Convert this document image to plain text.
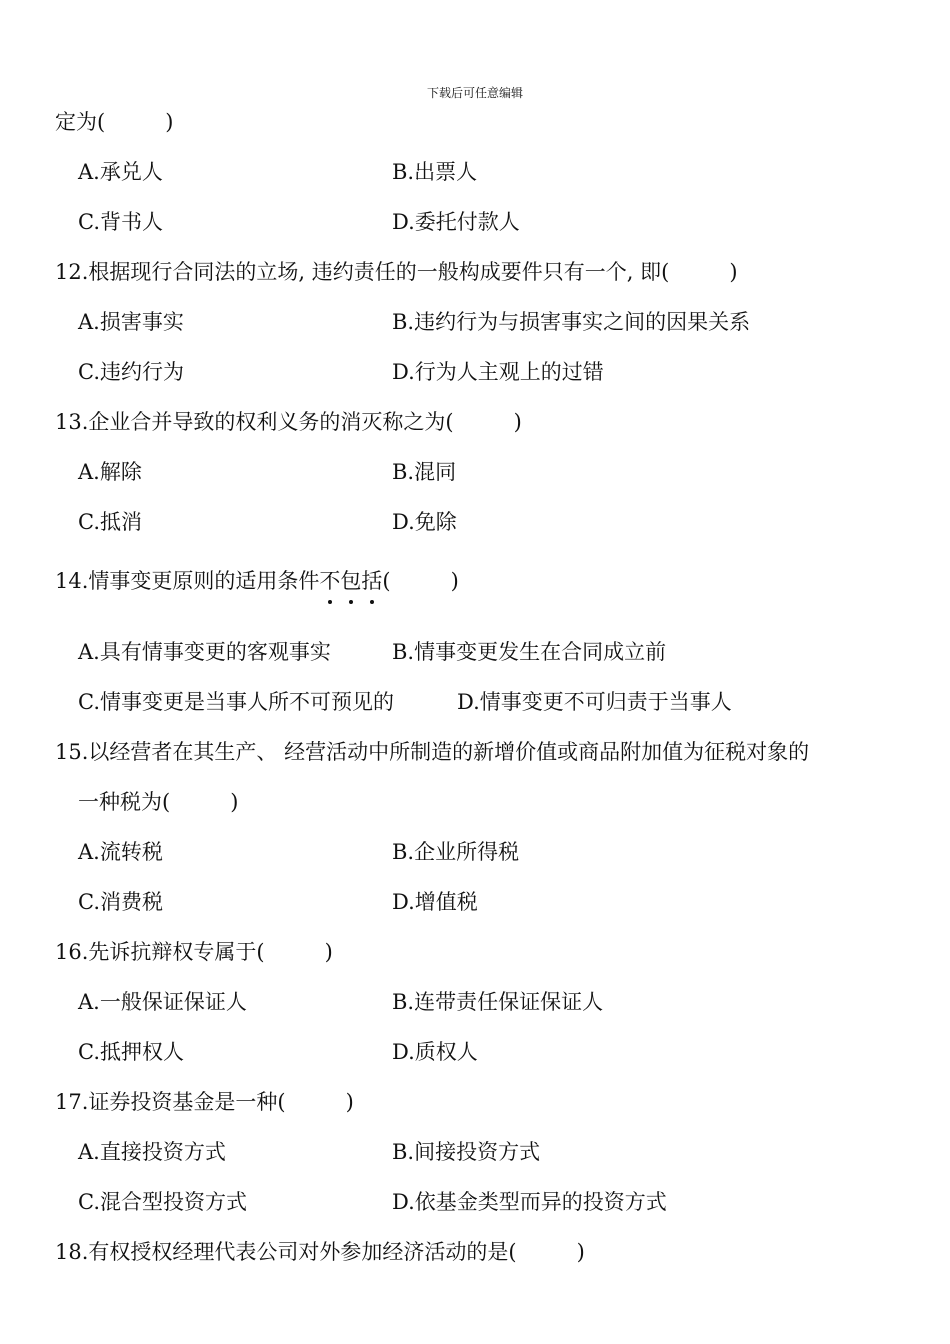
下载后可任意编辑
定为(         )
A.承兑人	B.出票人
C.背书人	D.委托付款人
12.根据现行合同法的立场, 违约责任的一般构成要件只有一个, 即(         )
A.损害事实	B.违约行为与损害事实之间的因果关系
C.违约行为	D.行为人主观上的过错
13.企业合并导致的权利义务的消灭称之为(         )
A.解除	B.混同
C.抵消	D.免除
14.情事变更原则的适用条件不包括(         )
A.具有情事变更的客观事实	B.情事变更发生在合同成立前
C.情事变更是当事人所不可预见的	D.情事变更不可归责于当事人
15.以经营者在其生产、 经营活动中所制造的新增价值或商品附加值为征税对象的
一种税为(         )
A.流转税	B.企业所得税
C.消费税	D.增值税
16.先诉抗辩权专属于(         )
A.一般保证保证人	B.连带责任保证保证人
C.抵押权人	D.质权人
17.证券投资基金是一种(         )
A.直接投资方式	B.间接投资方式
C.混合型投资方式	D.依基金类型而异的投资方式
18.有权授权经理代表公司对外参加经济活动的是(         )
